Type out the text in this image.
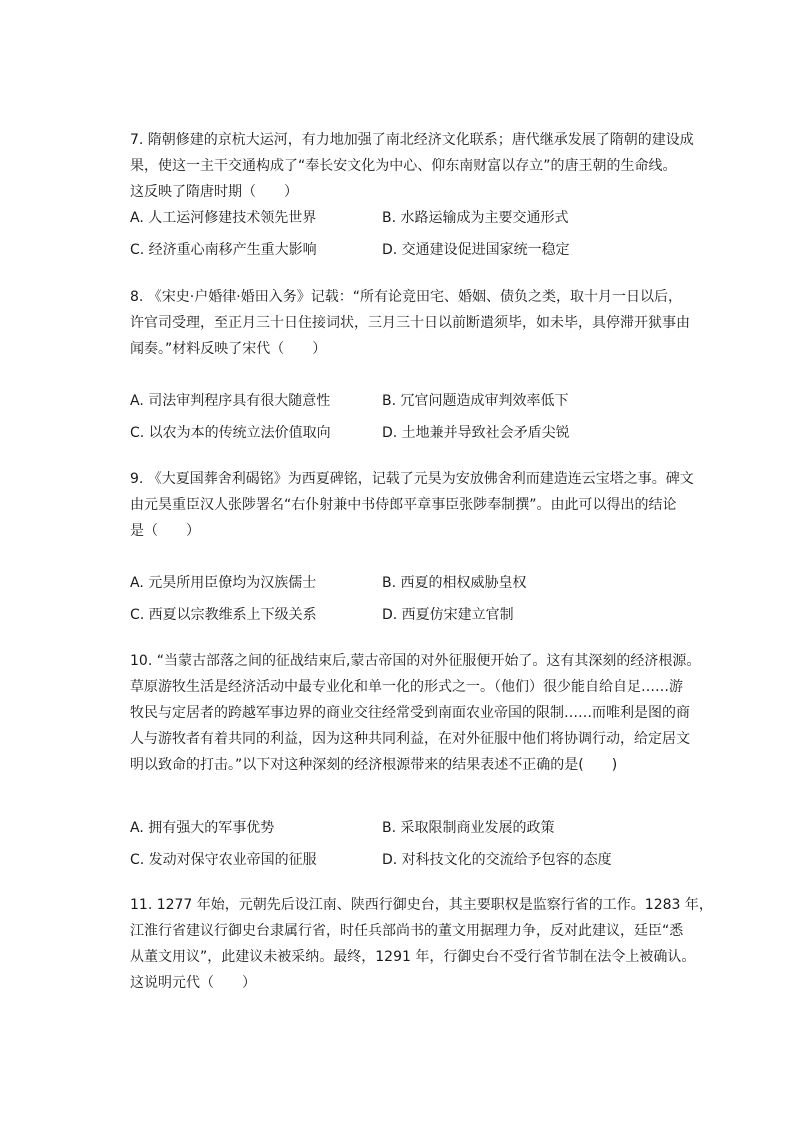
7. 隋朝修建的京杭大运河，有力地加强了南北经济文化联系；唐代继承发展了隋朝的建设成
果，使这一主干交通构成了“奉长安文化为中心、仰东南财富以存立”的唐王朝的生命线。
这反映了隋唐时期（　　）

A. 人工运河修建技术领先世界	B. 水路运输成为主要交通形式

C. 经济重心南移产生重大影响	D. 交通建设促进国家统一稳定

8. 《宋史·户婚律·婚田入务》记载：“所有论竞田宅、婚姻、债负之类，取十月一日以后，
许官司受理，至正月三十日住接词状，三月三十日以前断遣须毕，如未毕，具停滞开狱事由
闻奏。”材料反映了宋代（　　）

A. 司法审判程序具有很大随意性	B. 冗官问题造成审判效率低下

C. 以农为本的传统立法价值取向	D. 土地兼并导致社会矛盾尖锐

9. 《大夏国葬舍利碣铭》为西夏碑铭，记载了元昊为安放佛舍利而建造连云宝塔之事。碑文
由元昊重臣汉人张陟署名“右仆射兼中书侍郎平章事臣张陟奉制撰”。由此可以得出的结论
是（　　）

A. 元昊所用臣僚均为汉族儒士	B. 西夏的相权威胁皇权

C. 西夏以宗教维系上下级关系	D. 西夏仿宋建立官制

10. “当蒙古部落之间的征战结束后,蒙古帝国的对外征服便开始了。这有其深刻的经济根源。
草原游牧生活是经济活动中最专业化和单一化的形式之一。（他们）很少能自给自足……游
牧民与定居者的跨越军事边界的商业交往经常受到南面农业帝国的限制……而唯利是图的商
人与游牧者有着共同的利益，因为这种共同利益，在对外征服中他们将协调行动，给定居文
明以致命的打击。”以下对这种深刻的经济根源带来的结果表述不正确的是(　　)

A. 拥有强大的军事优势	B. 采取限制商业发展的政策

C. 发动对保守农业帝国的征服	D. 对科技文化的交流给予包容的态度

11. 1277 年始，元朝先后设江南、陕西行御史台，其主要职权是监察行省的工作。1283 年，
江淮行省建议行御史台隶属行省，时任兵部尚书的董文用据理力争，反对此建议，廷臣“悉
从董文用议”，此建议未被采纳。最终，1291 年，行御史台不受行省节制在法令上被确认。
这说明元代（　　）
